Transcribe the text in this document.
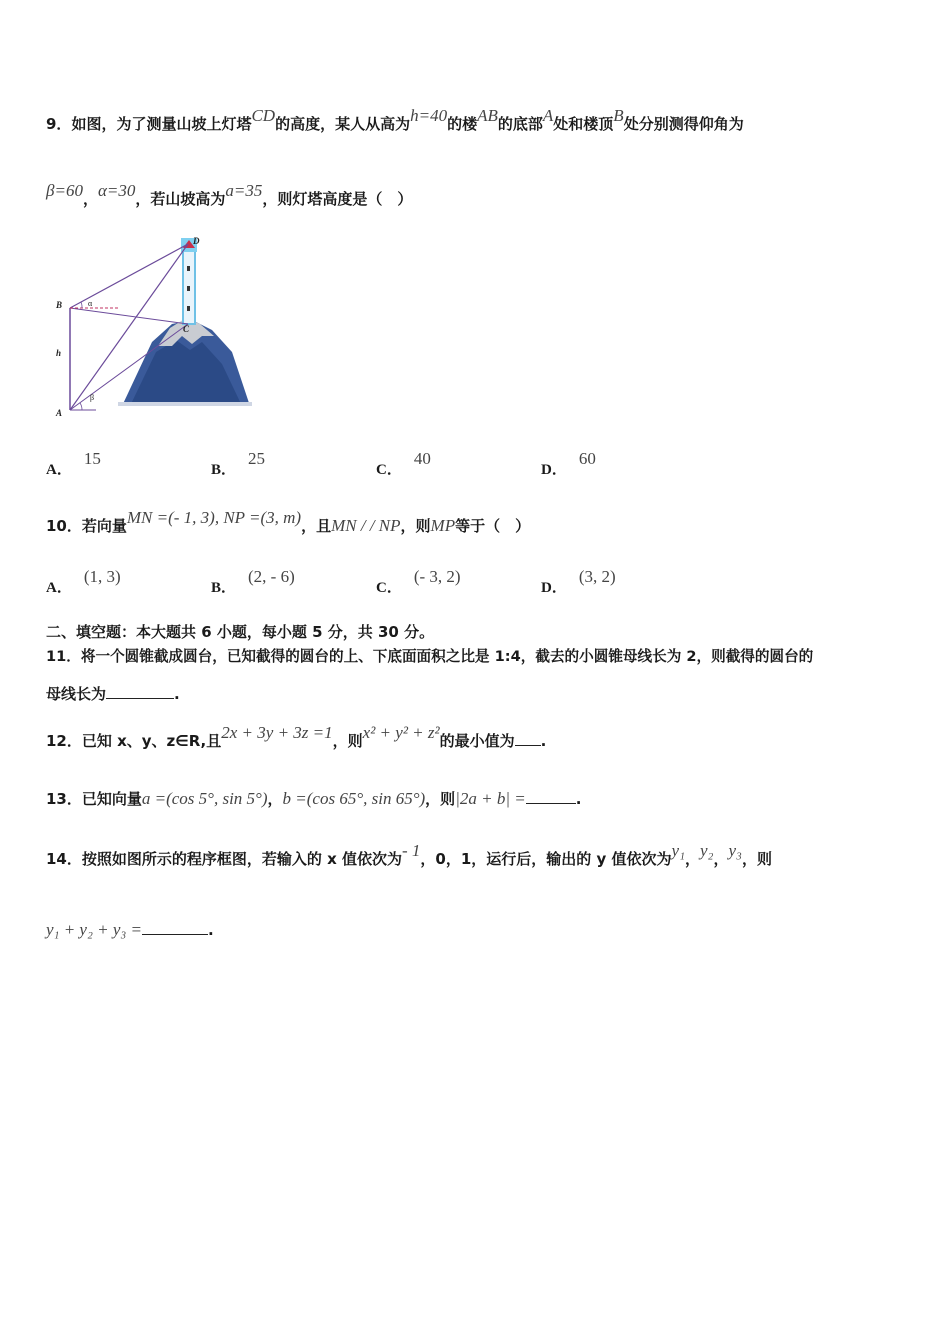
9．如图，为了测量山坡上灯塔CD的高度，某人从高为h=40的楼AB的底部A处和楼顶B处分别测得仰角为
β=60，α=30，若山坡高为a=35，则灯塔高度是（　）
D
B	α
h
C
A
β
A．15
B．25
C．40
D．60
10．若向量MN =(- 1, 3), NP =(3, m)，且MN / / NP，则MP等于（　）
A．(1, 3)
B．(2, - 6)
C．(- 3, 2)
D．(3, 2)
二、填空题：本大题共 6 小题，每小题 5 分，共 30 分。
11．将一个圆锥截成圆台，已知截得的圆台的上、下底面面积之比是 1:4，截去的小圆锥母线长为 2，则截得的圆台的
母线长为	.
12．已知 x、y、z∈R,且2x + 3y + 3z =1，则x² + y² + z²的最小值为 .
13．已知向量a =(cos 5°, sin 5°)，b =(cos 65°, sin 65°)，则|2a + b| =	.
14．按照如图所示的程序框图，若输入的 x 值依次为- 1，0，1，运行后，输出的 y 值依次为y₁，y₂，y₃，则
y₁ + y₂ + y₃ =	.
